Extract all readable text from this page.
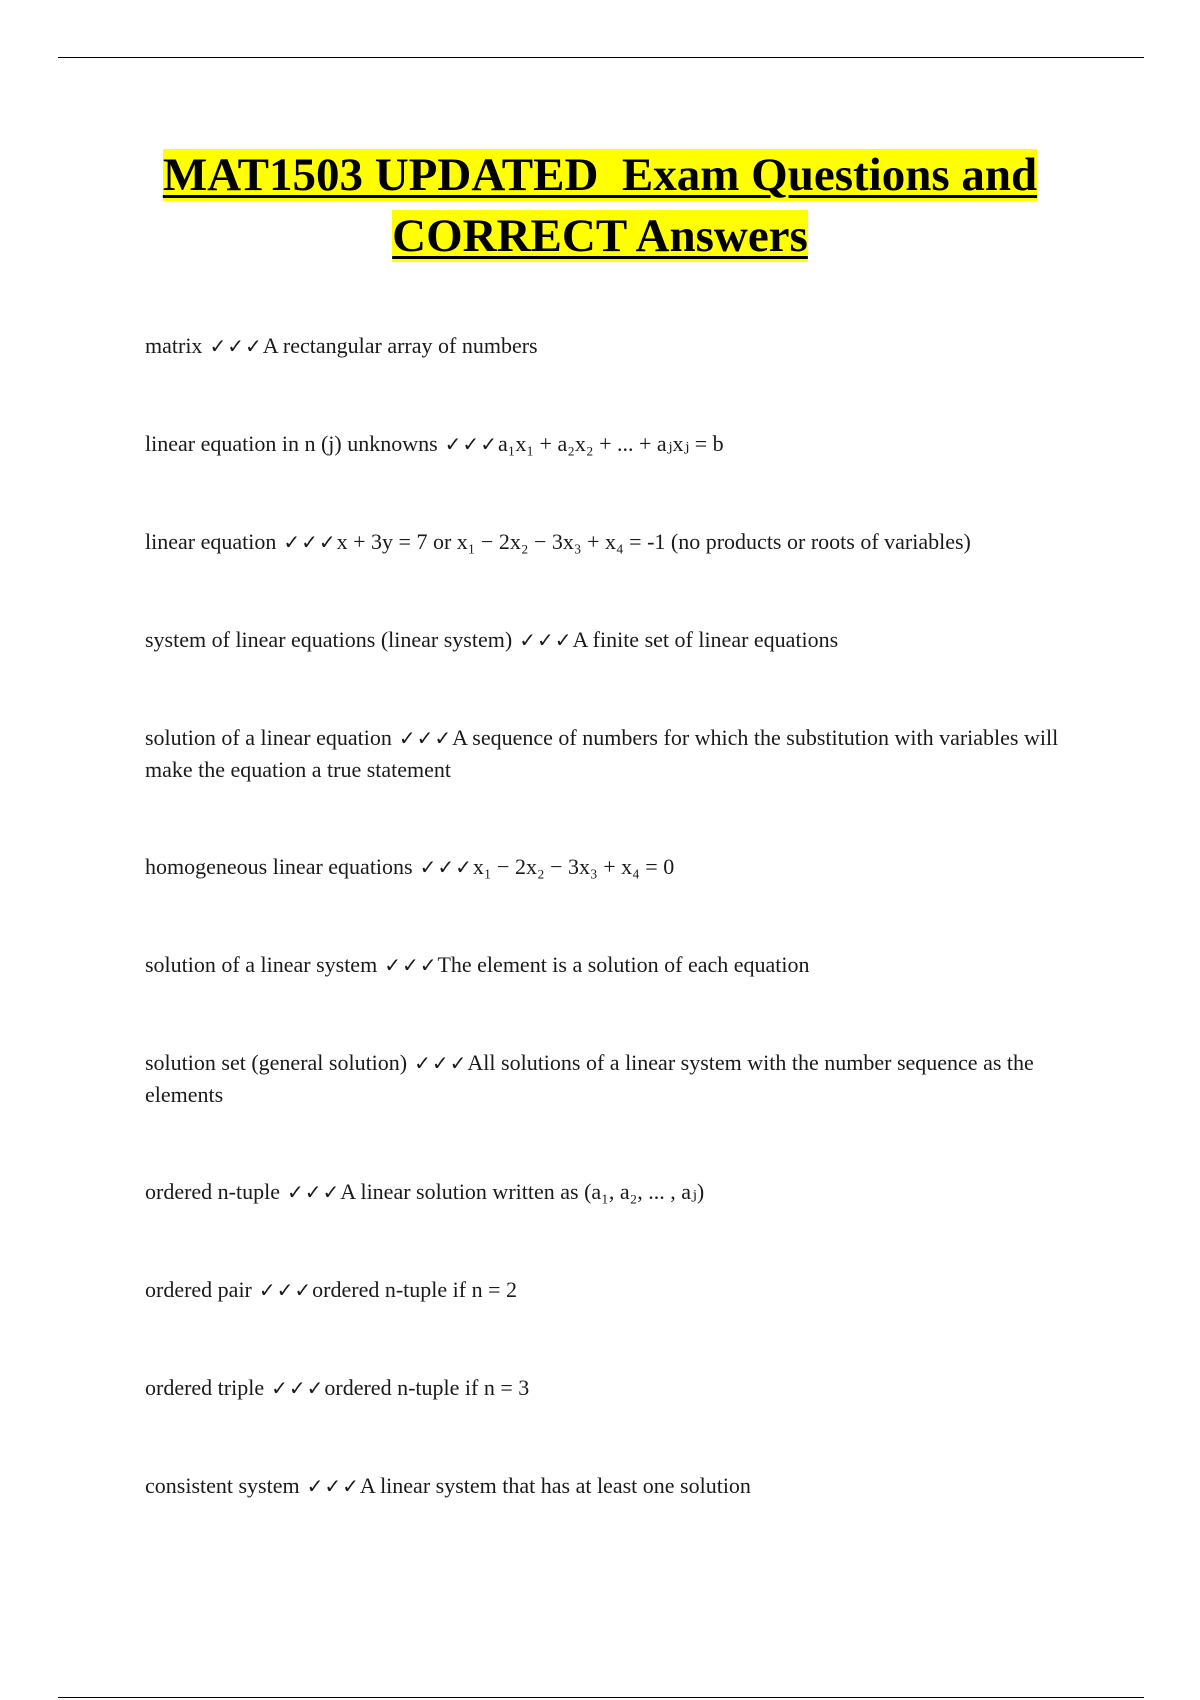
MAT1503 UPDATED  Exam Questions and
CORRECT Answers
matrix ✓✓✓A rectangular array of numbers
linear equation in n (j) unknowns ✓✓✓a₁x₁ + a₂x₂ + ... + aⱼxⱼ = b
linear equation ✓✓✓x + 3y = 7 or x₁ − 2x₂ − 3x₃ + x₄ = -1 (no products or roots of variables)
system of linear equations (linear system) ✓✓✓A finite set of linear equations
solution of a linear equation ✓✓✓A sequence of numbers for which the substitution with variables will make the equation a true statement
homogeneous linear equations ✓✓✓x₁ − 2x₂ − 3x₃ + x₄ = 0
solution of a linear system ✓✓✓The element is a solution of each equation
solution set (general solution) ✓✓✓All solutions of a linear system with the number sequence as the elements
ordered n-tuple ✓✓✓A linear solution written as (a₁, a₂, ... , aⱼ)
ordered pair ✓✓✓ordered n-tuple if n = 2
ordered triple ✓✓✓ordered n-tuple if n = 3
consistent system ✓✓✓A linear system that has at least one solution
